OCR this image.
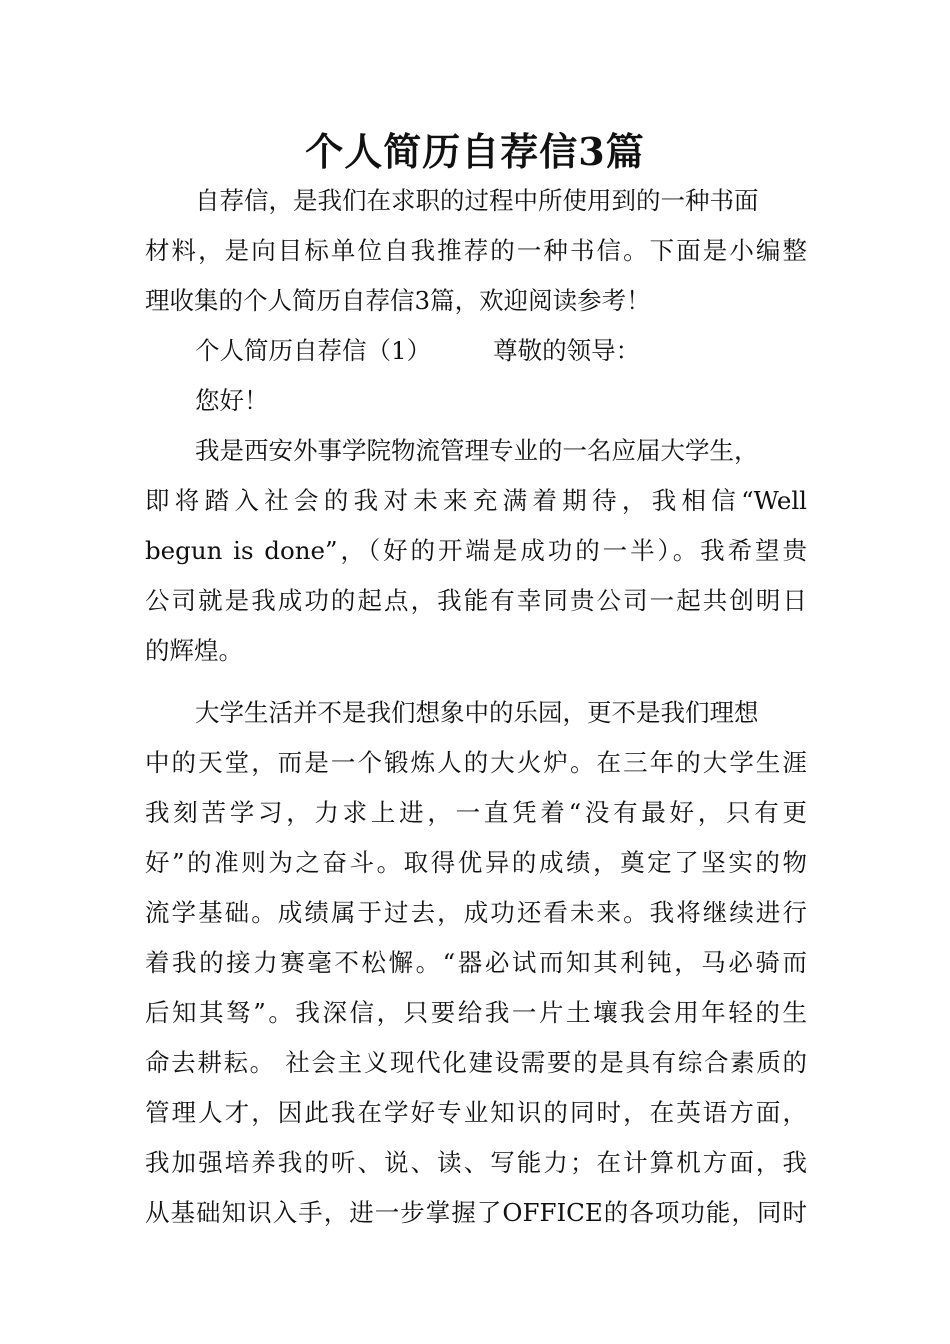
个人简历自荐信3篇
自荐信，是我们在求职的过程中所使用到的一种书面
材料，是向目标单位自我推荐的一种书信。下面是小编整
理收集的个人简历自荐信3篇，欢迎阅读参考！
个人简历自荐信（1）	尊敬的领导：
您好！
我是西安外事学院物流管理专业的一名应届大学生，
即将踏入社会的我对未来充满着期待，我相信“Well
begun is done”，（好的开端是成功的一半）。我希望贵
公司就是我成功的起点，我能有幸同贵公司一起共创明日
的辉煌。
大学生活并不是我们想象中的乐园，更不是我们理想
中的天堂，而是一个锻炼人的大火炉。在三年的大学生涯
我刻苦学习，力求上进，一直凭着“没有最好，只有更
好”的准则为之奋斗。取得优异的成绩，奠定了坚实的物
流学基础。成绩属于过去，成功还看未来。我将继续进行
着我的接力赛毫不松懈。“器必试而知其利钝，马必骑而
后知其驽”。我深信，只要给我一片土壤我会用年轻的生
命去耕耘。 社会主义现代化建设需要的是具有综合素质的
管理人才，因此我在学好专业知识的同时，在英语方面，
我加强培养我的听、说、读、写能力；在计算机方面，我
从基础知识入手，进一步掌握了OFFICE的各项功能，同时
